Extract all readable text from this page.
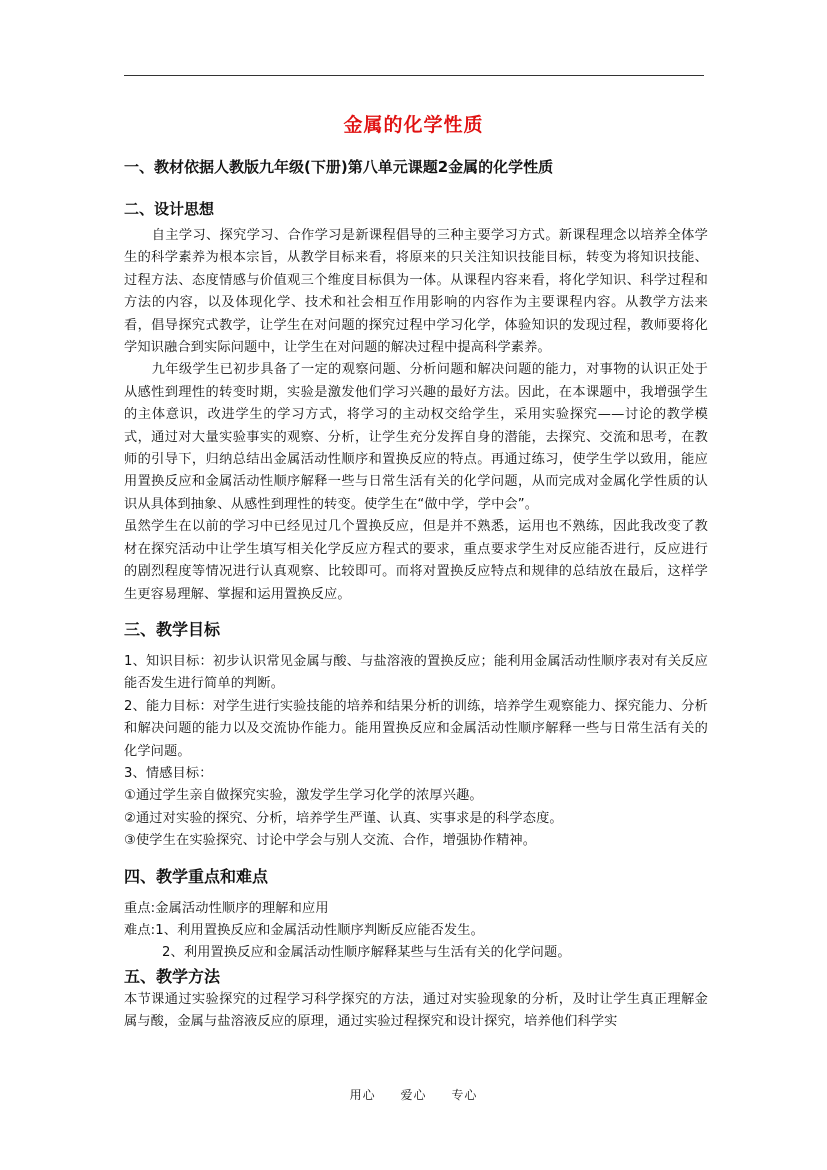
金属的化学性质

一、教材依据人教版九年级(下册)第八单元课题2金属的化学性质

二、设计思想

自主学习、探究学习、合作学习是新课程倡导的三种主要学习方式。新课程理念以培养全体学生的科学素养为根本宗旨，从教学目标来看，将原来的只关注知识技能目标，转变为将知识技能、过程方法、态度情感与价值观三个维度目标俱为一体。从课程内容来看，将化学知识、科学过程和方法的内容，以及体现化学、技术和社会相互作用影响的内容作为主要课程内容。从教学方法来看，倡导探究式教学，让学生在对问题的探究过程中学习化学，体验知识的发现过程，教师要将化学知识融合到实际问题中，让学生在对问题的解决过程中提高科学素养。

九年级学生已初步具备了一定的观察问题、分析问题和解决问题的能力，对事物的认识正处于从感性到理性的转变时期，实验是激发他们学习兴趣的最好方法。因此，在本课题中，我增强学生的主体意识，改进学生的学习方式，将学习的主动权交给学生，采用实验探究——讨论的教学模式，通过对大量实验事实的观察、分析，让学生充分发挥自身的潜能，去探究、交流和思考，在教师的引导下，归纳总结出金属活动性顺序和置换反应的特点。再通过练习，使学生学以致用，能应用置换反应和金属活动性顺序解释一些与日常生活有关的化学问题，从而完成对金属化学性质的认识从具体到抽象、从感性到理性的转变。使学生在“做中学，学中会”。

虽然学生在以前的学习中已经见过几个置换反应，但是并不熟悉，运用也不熟练，因此我改变了教材在探究活动中让学生填写相关化学反应方程式的要求，重点要求学生对反应能否进行，反应进行的剧烈程度等情况进行认真观察、比较即可。而将对置换反应特点和规律的总结放在最后，这样学生更容易理解、掌握和运用置换反应。

三、教学目标

1、知识目标：初步认识常见金属与酸、与盐溶液的置换反应；能利用金属活动性顺序表对有关反应能否发生进行简单的判断。

2、能力目标：对学生进行实验技能的培养和结果分析的训练，培养学生观察能力、探究能力、分析和解决问题的能力以及交流协作能力。能用置换反应和金属活动性顺序解释一些与日常生活有关的化学问题。

3、情感目标：

①通过学生亲自做探究实验，激发学生学习化学的浓厚兴趣。

②通过对实验的探究、分析，培养学生严谨、认真、实事求是的科学态度。

③使学生在实验探究、讨论中学会与别人交流、合作，增强协作精神。

四、教学重点和难点

重点:金属活动性顺序的理解和应用

难点:1、利用置换反应和金属活动性顺序判断反应能否发生。

2、利用置换反应和金属活动性顺序解释某些与生活有关的化学问题。

五、教学方法

本节课通过实验探究的过程学习科学探究的方法，通过对实验现象的分析，及时让学生真正理解金属与酸，金属与盐溶液反应的原理，通过实验过程探究和设计探究，培养他们科学实

用心 爱心 专心
